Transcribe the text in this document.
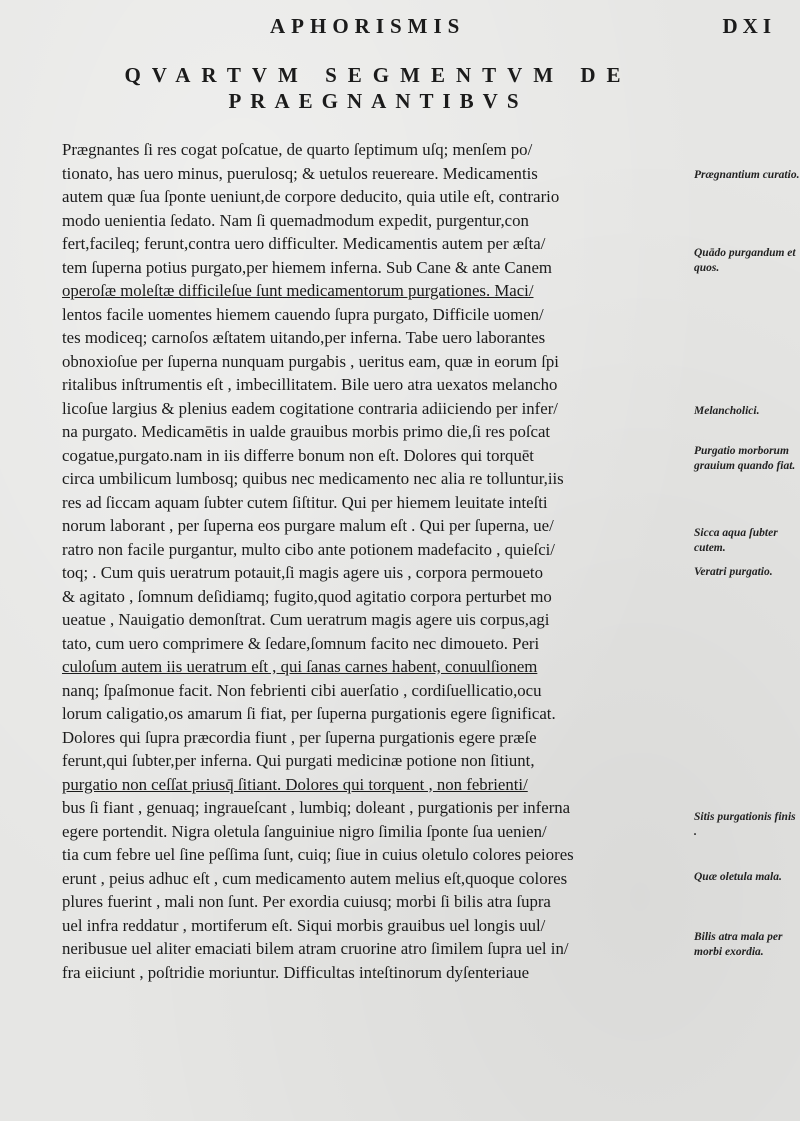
APHORISMIS	DXI
QVARTVM SEGMENTVM DE
PRAEGNANTIBVS
Prægnantes ſi res cogat poſcatue, de quarto ſeptimum uſq; menſem po/
tionato, has uero minus, puerulosq; & uetulos reuereare. Medicamentis
autem quæ ſua ſponte ueniunt,de corpore deducito, quia utile eſt, contrario
modo uenientia ſedato. Nam ſi quemadmodum expedit, purgentur,con
fert,facileq; ferunt,contra uero difficulter. Medicamentis autem per æſta/
tem ſuperna potius purgato,per hiemem inferna. Sub Cane & ante Canem
operoſæ moleſtæ difficileſue ſunt medicamentorum purgationes. Maci/
lentos facile uomentes hiemem cauendo ſupra purgato, Difficile uomen/
tes modiceq; carnoſos æſtatem uitando,per inferna. Tabe uero laborantes
obnoxioſue per ſuperna nunquam purgabis , ueritus eam, quæ in eorum ſpi
ritalibus inſtrumentis eſt , imbecillitatem. Bile uero atra uexatos melancho
licoſue largius & plenius eadem cogitatione contraria adiiciendo per infer/
na purgato. Medicamētis in ualde grauibus morbis primo die,ſi res poſcat
cogatue,purgato.nam in iis differre bonum non eſt. Dolores qui torquēt
circa umbilicum lumbosq; quibus nec medicamento nec alia re tolluntur,iis
res ad ſiccam aquam ſubter cutem ſiſtitur. Qui per hiemem leuitate inteſti
norum laborant , per ſuperna eos purgare malum eſt . Qui per ſuperna, ue/
ratro non facile purgantur, multo cibo ante potionem madefacito , quieſci/
toq; . Cum quis ueratrum potauit,ſi magis agere uis , corpora permoueto
& agitato , ſomnum deſidiamq; fugito,quod agitatio corpora perturbet mo
ueatue , Nauigatio demonſtrat. Cum ueratrum magis agere uis corpus,agi
tato, cum uero comprimere & ſedare,ſomnum facito nec dimoueto. Peri
culoſum autem iis ueratrum eſt , qui ſanas carnes habent, conuulſionem
nanq; ſpaſmonue facit. Non febrienti cibi auerſatio , cordiſuellicatio,ocu
lorum caligatio,os amarum ſi fiat, per ſuperna purgationis egere ſignificat.
Dolores qui ſupra præcordia fiunt , per ſuperna purgationis egere præſe
ferunt,qui ſubter,per inferna. Qui purgati medicinæ potione non ſitiunt,
purgatio non ceſſat priusq̄ ſitiant. Dolores qui torquent , non febrienti/
bus ſi fiant , genuaq; ingraueſcant , lumbiq; doleant , purgationis per inferna
egere portendit. Nigra oletula ſanguiniue nigro ſimilia ſponte ſua uenien/
tia cum febre uel ſine peſſima ſunt, cuiq; ſiue in cuius oletulo colores peiores
erunt , peius adhuc eſt , cum medicamento autem melius eſt,quoque colores
plures fuerint , mali non ſunt. Per exordia cuiusq; morbi ſi bilis atra ſupra
uel infra reddatur , mortiferum eſt. Siqui morbis grauibus uel longis uul/
neribusue uel aliter emaciati bilem atram cruorine atro ſimilem ſupra uel in/
fra eiiciunt , poſtridie moriuntur. Difficultas inteſtinorum dyſenteriaue
Prægnantium curatio.
Quādo purgandum et quos.
Melancholici.
Purgatio morborum grauium quando fiat.
Sicca aqua ſubter cutem.
Veratri purgatio.
Sitis purgationis finis .
Quæ oletula mala.
Bilis atra mala per morbi exordia.
